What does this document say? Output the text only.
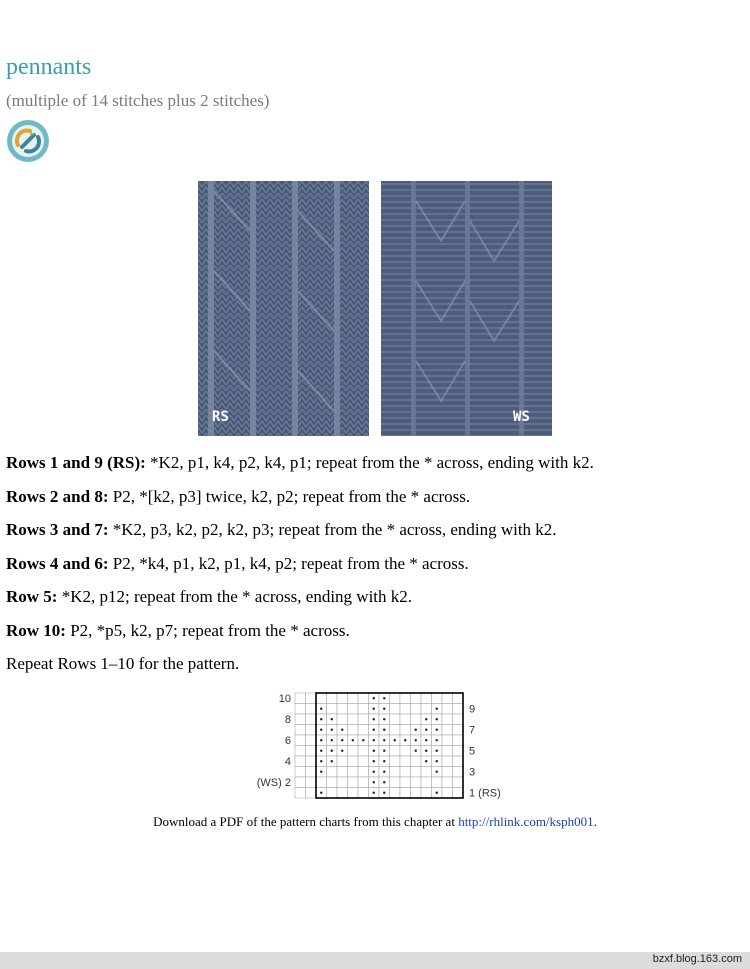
pennants
(multiple of 14 stitches plus 2 stitches)
RS	WS

Rows 1 and 9 (RS): *K2, p1, k4, p2, k4, p1; repeat from the * across, ending with k2.

Rows 2 and 8: P2, *[k2, p3] twice, k2, p2; repeat from the * across.

Rows 3 and 7: *K2, p3, k2, p2, k2, p3; repeat from the * across, ending with k2.

Rows 4 and 6: P2, *k4, p1, k2, p1, k4, p2; repeat from the * across.

Row 5: *K2, p12; repeat from the * across, ending with k2.

Row 10: P2, *p5, k2, p7; repeat from the * across.

Repeat Rows 1–10 for the pattern.

10
8
6
4
(WS) 2
9
7
5
3
1 (RS)
Download a PDF of the pattern charts from this chapter at http://rhlink.com/ksph001.
bzxf.blog.163.com
